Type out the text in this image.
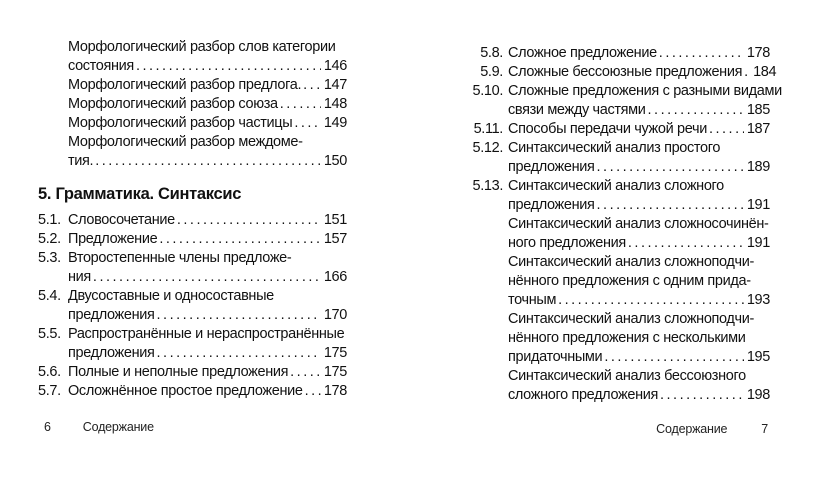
Морфологический разбор слов категории
состояния .....	146
Морфологический разбор предлога. ..... 147
Морфологический разбор союза .....	148
Морфологический разбор частицы ..... 149
Морфологический разбор междоме-
тия. .....	150
5. Грамматика. Синтаксис
5.1. Словосочетание .....	151
5.2. Предложение .....	157
5.3. Второстепенные члены предложе-
ния .....	166
5.4. Двусоставные и односоставные
предложения .....	170
5.5. Распространённые и нераспространённые
предложения .....	175
5.6. Полные и неполные предложения ..... 175
5.7. Осложнённое простое предложение ..... 178
5.8. Сложное предложение .....	178
5.9. Сложные бессоюзные предложения ..... 184
5.10. Сложные предложения с разными видами
связи между частями .....	185
5.11. Способы передачи чужой речи .....	187
5.12. Синтаксический анализ простого
предложения .....	189
5.13. Синтаксический анализ сложного
предложения .....	191
Синтаксический анализ сложносочинён-
ного предложения .....	191
Синтаксический анализ сложноподчи-
нённого предложения с одним прида-
точным .....	193
Синтаксический анализ сложноподчи-
нённого предложения с несколькими
придаточными .....	195
Синтаксический анализ бессоюзного
сложного предложения .....	198
6	Содержание	Содержание	7
